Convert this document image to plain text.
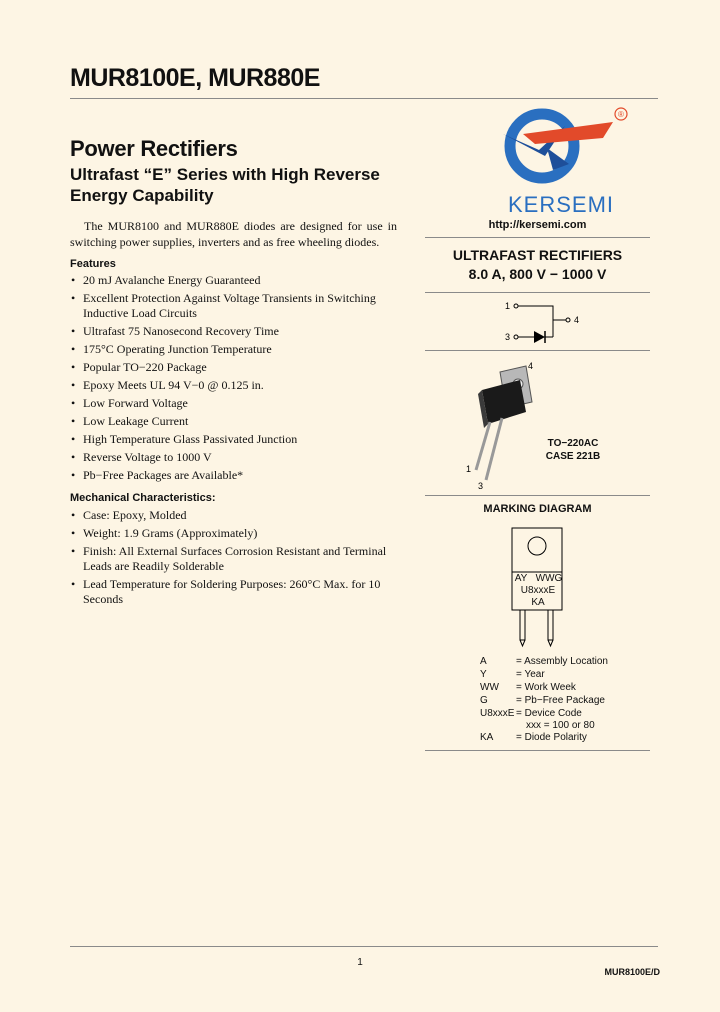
MUR8100E, MUR880E
Power Rectifiers
Ultrafast “E” Series with High Reverse
Energy Capability
The MUR8100 and MUR880E diodes are designed for use in switching power supplies, inverters and as free wheeling diodes.
Features
• 20 mJ Avalanche Energy Guaranteed
• Excellent Protection Against Voltage Transients in Switching Inductive Load Circuits
• Ultrafast 75 Nanosecond Recovery Time
• 175°C Operating Junction Temperature
• Popular TO−220 Package
• Epoxy Meets UL 94 V−0 @ 0.125 in.
• Low Forward Voltage
• Low Leakage Current
• High Temperature Glass Passivated Junction
• Reverse Voltage to 1000 V
• Pb−Free Packages are Available*
Mechanical Characteristics:
• Case: Epoxy, Molded
• Weight: 1.9 Grams (Approximately)
• Finish: All External Surfaces Corrosion Resistant and Terminal Leads are Readily Solderable
• Lead Temperature for Soldering Purposes: 260°C Max. for 10 Seconds
®
KERSEMI
http://kersemi.com
ULTRAFAST RECTIFIERS
8.0 A, 800 V − 1000 V
1
3
4
4
1
3
TO−220AC
CASE 221B
MARKING DIAGRAM
AY WWG
U8xxxE
KA
A	= Assembly Location
Y	= Year
WW = Work Week
G	= Pb−Free Package
U8xxxE = Device Code
xxx = 100 or 80
KA = Diode Polarity
1
MUR8100E/D
